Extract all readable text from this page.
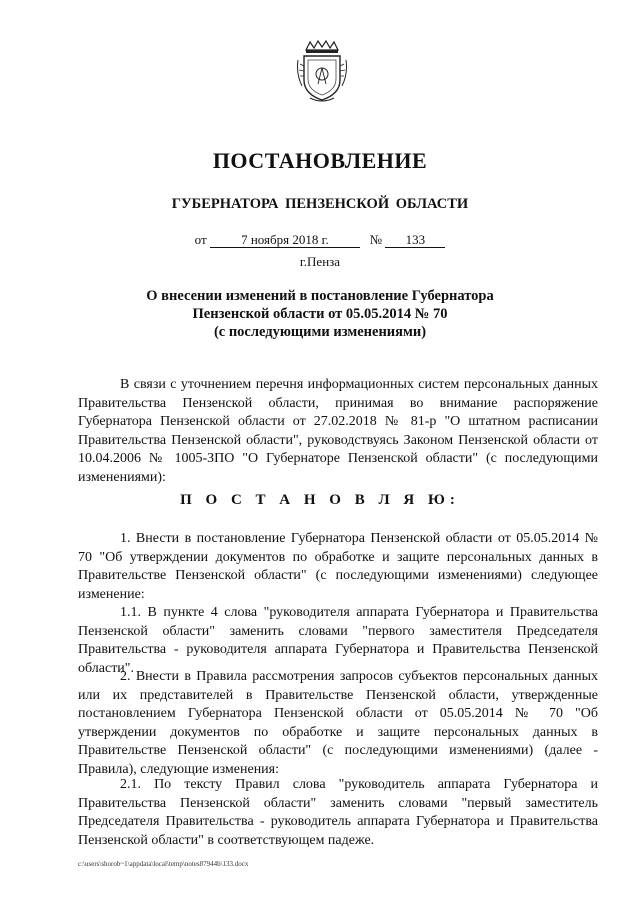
ПОСТАНОВЛЕНИЕ
ГУБЕРНАТОРА ПЕНЗЕНСКОЙ ОБЛАСТИ
от	7 ноября 2018 г.	№ 133
г.Пенза
О внесении изменений в постановление Губернатора
Пензенской области от 05.05.2014 № 70
(с последующими изменениями)
В связи с уточнением перечня информационных систем персональных данных Правительства Пензенской области, принимая во внимание распоряжение Губернатора Пензенской области от 27.02.2018 № 81-р "О штатном расписании Правительства Пензенской области", руководствуясь Законом Пензенской области от 10.04.2006 № 1005-ЗПО "О Губернаторе Пензенской области" (с последующими изменениями):
П О С Т А Н О В Л Я Ю:
1. Внести в постановление Губернатора Пензенской области от 05.05.2014 № 70 "Об утверждении документов по обработке и защите персональных данных в Правительстве Пензенской области" (с последующими изменениями) следующее изменение:
1.1. В пункте 4 слова "руководителя аппарата Губернатора и Правительства Пензенской области" заменить словами "первого заместителя Председателя Правительства - руководителя аппарата Губернатора и Правительства Пензенской области".
2. Внести в Правила рассмотрения запросов субъектов персональных данных или их представителей в Правительстве Пензенской области, утвержденные постановлением Губернатора Пензенской области от 05.05.2014 № 70 "Об утверждении документов по обработке и защите персональных данных в Правительстве Пензенской области" (с последующими изменениями) (далее - Правила), следующие изменения:
2.1. По тексту Правил слова "руководитель аппарата Губернатора и Правительства Пензенской области" заменить словами "первый заместитель Председателя Правительства - руководитель аппарата Губернатора и Правительства Пензенской области" в соответствующем падеже.
c:\users\shorob~1\appdata\local\temp\notes87944b\133.docx
